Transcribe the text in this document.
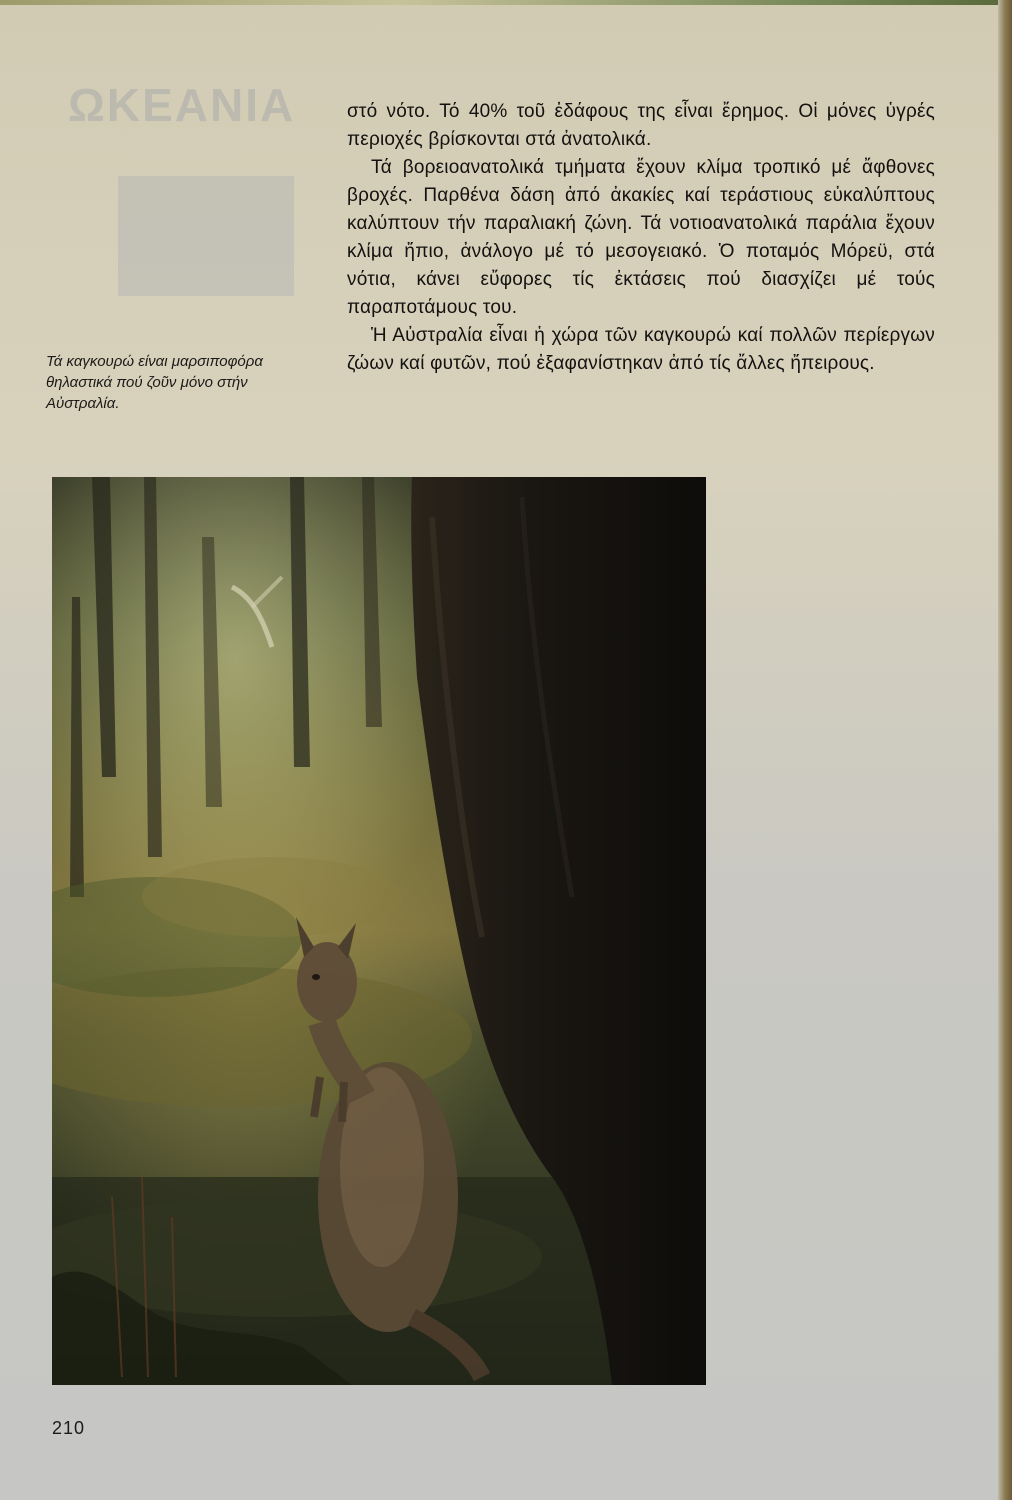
ΩΚΕΑΝΙΑ
Τά καγκουρώ είναι μαρσιποφόρα θηλαστικά πού ζοῦν μόνο στήν Αὐστραλία.

στό νότο. Τό 40% τοῦ ἐδάφους της εἶναι ἔρημος. Οἱ μόνες ὑγρές περιοχές βρίσκονται στά ἀνατολικά.

Τά βορειοανατολικά τμήματα ἔχουν κλίμα τροπικό μέ ἄφθονες βροχές. Παρθένα δάση ἀπό ἀκακίες καί τεράστιους εὐκαλύπτους καλύπτουν τήν παραλιακή ζώνη. Τά νοτιοανατολικά παράλια ἔχουν κλίμα ἤπιο, ἀνάλογο μέ τό μεσογειακό. Ὁ ποταμός Μόρεϋ, στά νότια, κάνει εὔφορες τίς ἐκτάσεις πού διασχίζει μέ τούς παραποτάμους του.

Ἡ Αὐστραλία εἶναι ἡ χώρα τῶν καγκουρώ καί πολλῶν περίεργων ζώων καί φυτῶν, πού ἐξαφανίστηκαν ἀπό τίς ἄλλες ἤπειρους.

210
